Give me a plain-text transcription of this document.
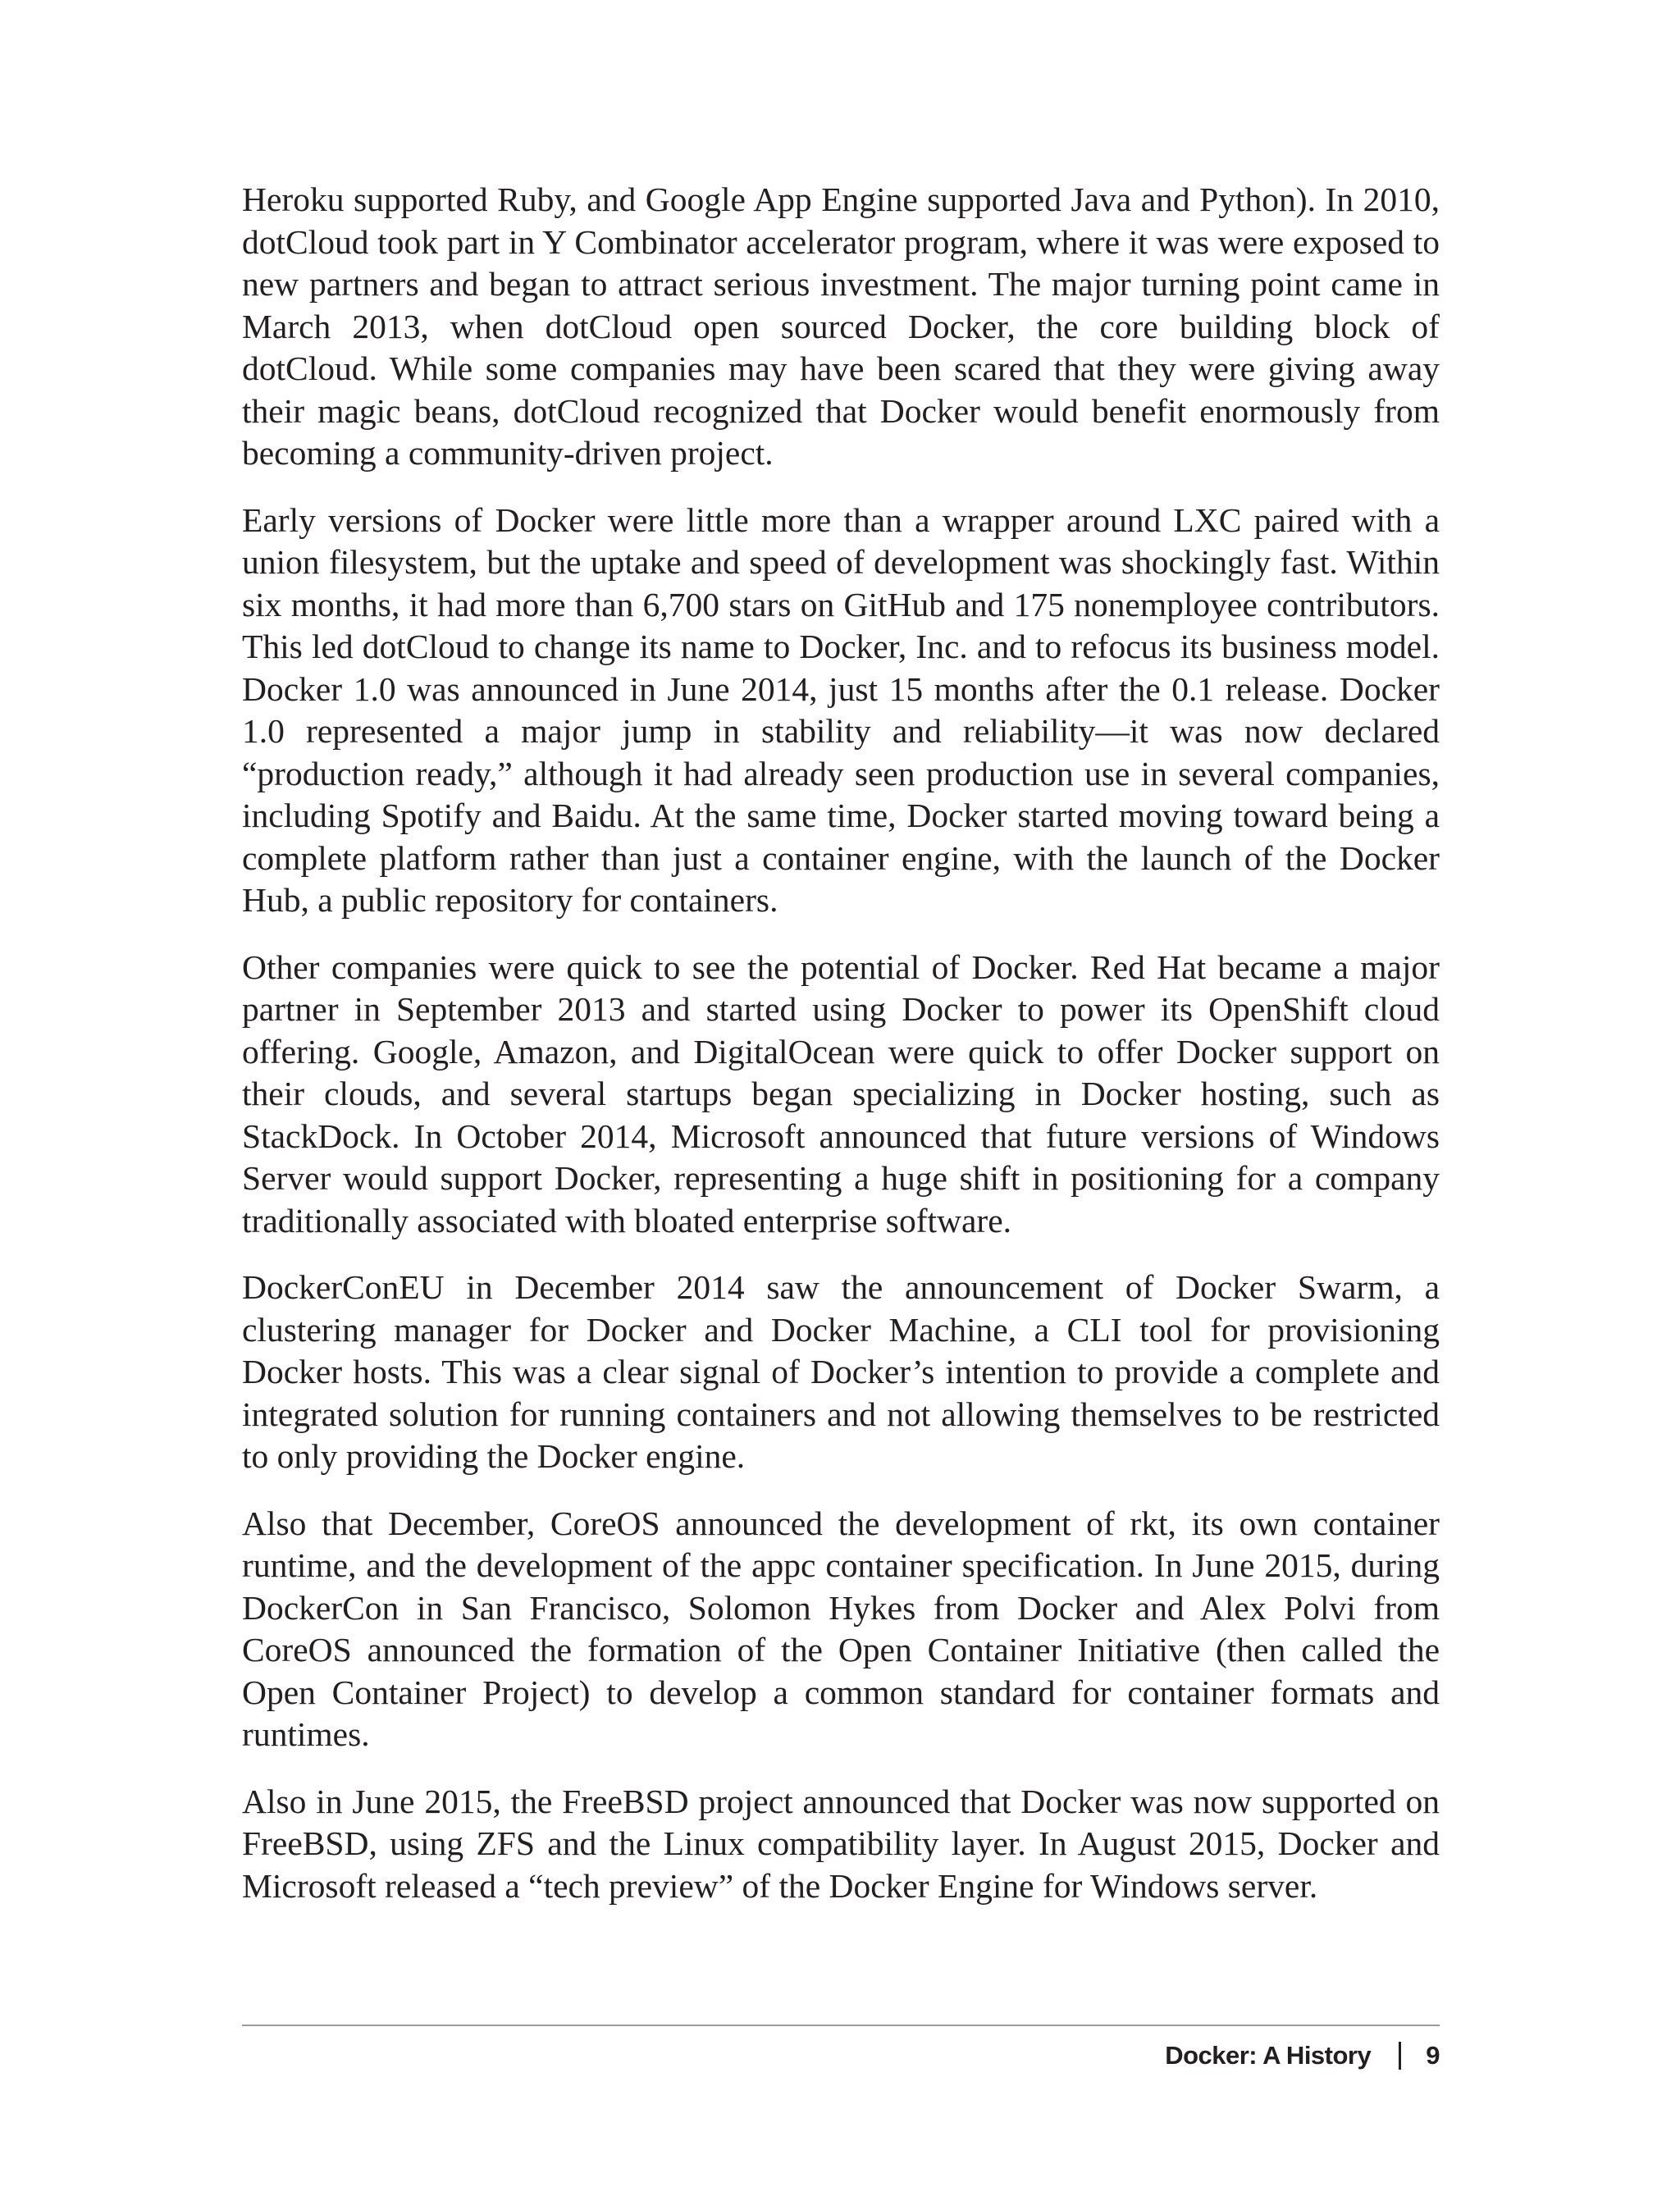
Heroku supported Ruby, and Google App Engine supported Java and Python). In 2010, dotCloud took part in Y Combinator accelerator program, where it was were exposed to new partners and began to attract serious investment. The major turning point came in March 2013, when dotCloud open sourced Docker, the core building block of dotCloud. While some companies may have been scared that they were giving away their magic beans, dotCloud recognized that Docker would benefit enormously from becoming a community-driven project.

Early versions of Docker were little more than a wrapper around LXC paired with a union filesystem, but the uptake and speed of development was shockingly fast. Within six months, it had more than 6,700 stars on GitHub and 175 nonemployee contributors. This led dotCloud to change its name to Docker, Inc. and to refocus its business model. Docker 1.0 was announced in June 2014, just 15 months after the 0.1 release. Docker 1.0 represented a major jump in stability and reliability—it was now declared “production ready,” although it had already seen production use in several companies, including Spotify and Baidu. At the same time, Docker started moving toward being a complete platform rather than just a container engine, with the launch of the Docker Hub, a public repository for containers.

Other companies were quick to see the potential of Docker. Red Hat became a major partner in September 2013 and started using Docker to power its OpenShift cloud offering. Google, Amazon, and DigitalOcean were quick to offer Docker support on their clouds, and several startups began specializing in Docker hosting, such as StackDock. In October 2014, Microsoft announced that future versions of Windows Server would support Docker, representing a huge shift in positioning for a company traditionally associated with bloated enterprise software.

DockerConEU in December 2014 saw the announcement of Docker Swarm, a clustering manager for Docker and Docker Machine, a CLI tool for provisioning Docker hosts. This was a clear signal of Docker’s intention to provide a complete and integrated solution for running containers and not allowing themselves to be restricted to only providing the Docker engine.

Also that December, CoreOS announced the development of rkt, its own container runtime, and the development of the appc container specification. In June 2015, during DockerCon in San Francisco, Solomon Hykes from Docker and Alex Polvi from CoreOS announced the formation of the Open Container Initiative (then called the Open Container Project) to develop a common standard for container formats and runtimes.

Also in June 2015, the FreeBSD project announced that Docker was now supported on FreeBSD, using ZFS and the Linux compatibility layer. In August 2015, Docker and Microsoft released a “tech preview” of the Docker Engine for Windows server.

Docker: A History 9
